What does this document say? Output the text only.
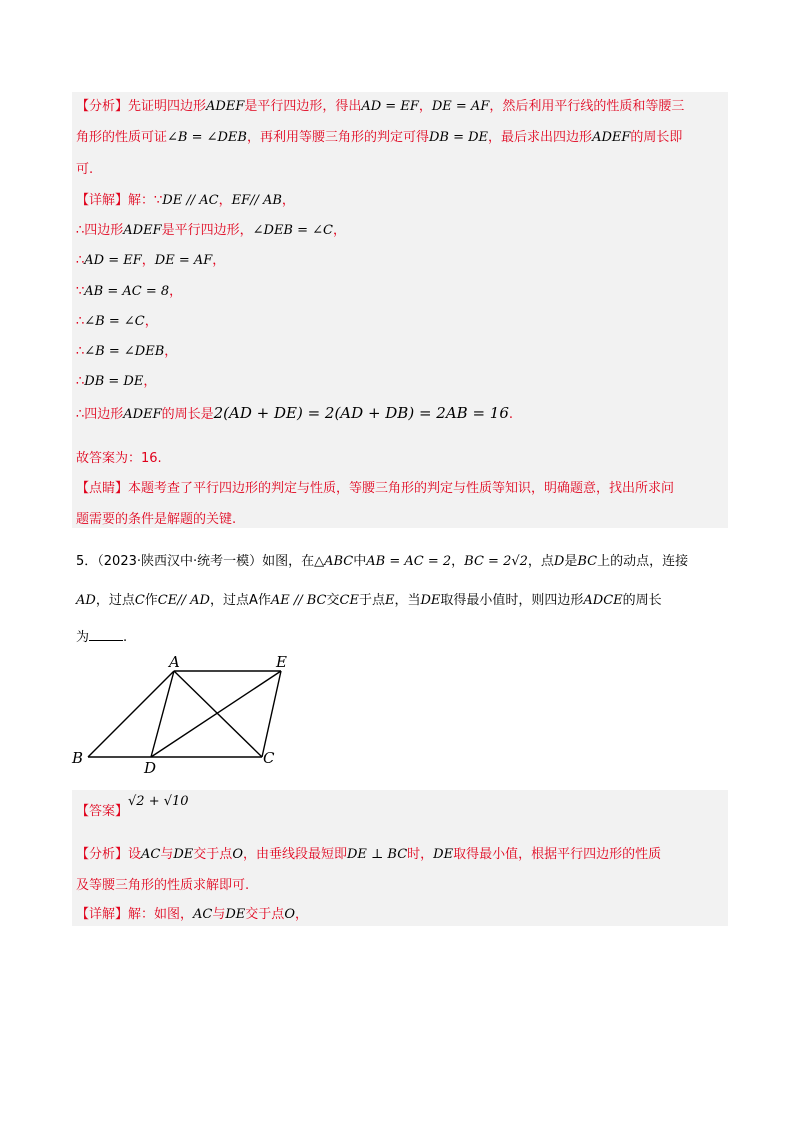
【分析】先证明四边形ADEF是平行四边形，得出AD = EF，DE = AF，然后利用平行线的性质和等腰三
角形的性质可证∠B = ∠DEB，再利用等腰三角形的判定可得DB = DE，最后求出四边形ADEF的周长即
可.
【详解】解：∵DE // AC，EF// AB，
∴四边形ADEF是平行四边形，∠DEB = ∠C，
∴AD = EF，DE = AF，
∵AB = AC = 8，
∴∠B = ∠C，
∴∠B = ∠DEB，
∴DB = DE，
∴四边形ADEF的周长是2(AD + DE) = 2(AD + DB) = 2AB = 16.
故答案为：16.
【点睛】本题考查了平行四边形的判定与性质，等腰三角形的判定与性质等知识，明确题意，找出所求问
题需要的条件是解题的关键.
5．（2023·陕西汉中·统考一模）如图，在△ABC中AB = AC = 2，BC = 2√2，点D是BC上的动点，连接
AD，过点C作CE// AD，过点A作AE // BC交CE于点E，当DE取得最小值时，则四边形ADCE的周长
为	.
A	E
B
D
C
【答案】√2 + √10
【分析】设AC与DE交于点O，由垂线段最短即DE ⊥ BC时，DE取得最小值，根据平行四边形的性质
及等腰三角形的性质求解即可.
【详解】解：如图，AC与DE交于点O，
